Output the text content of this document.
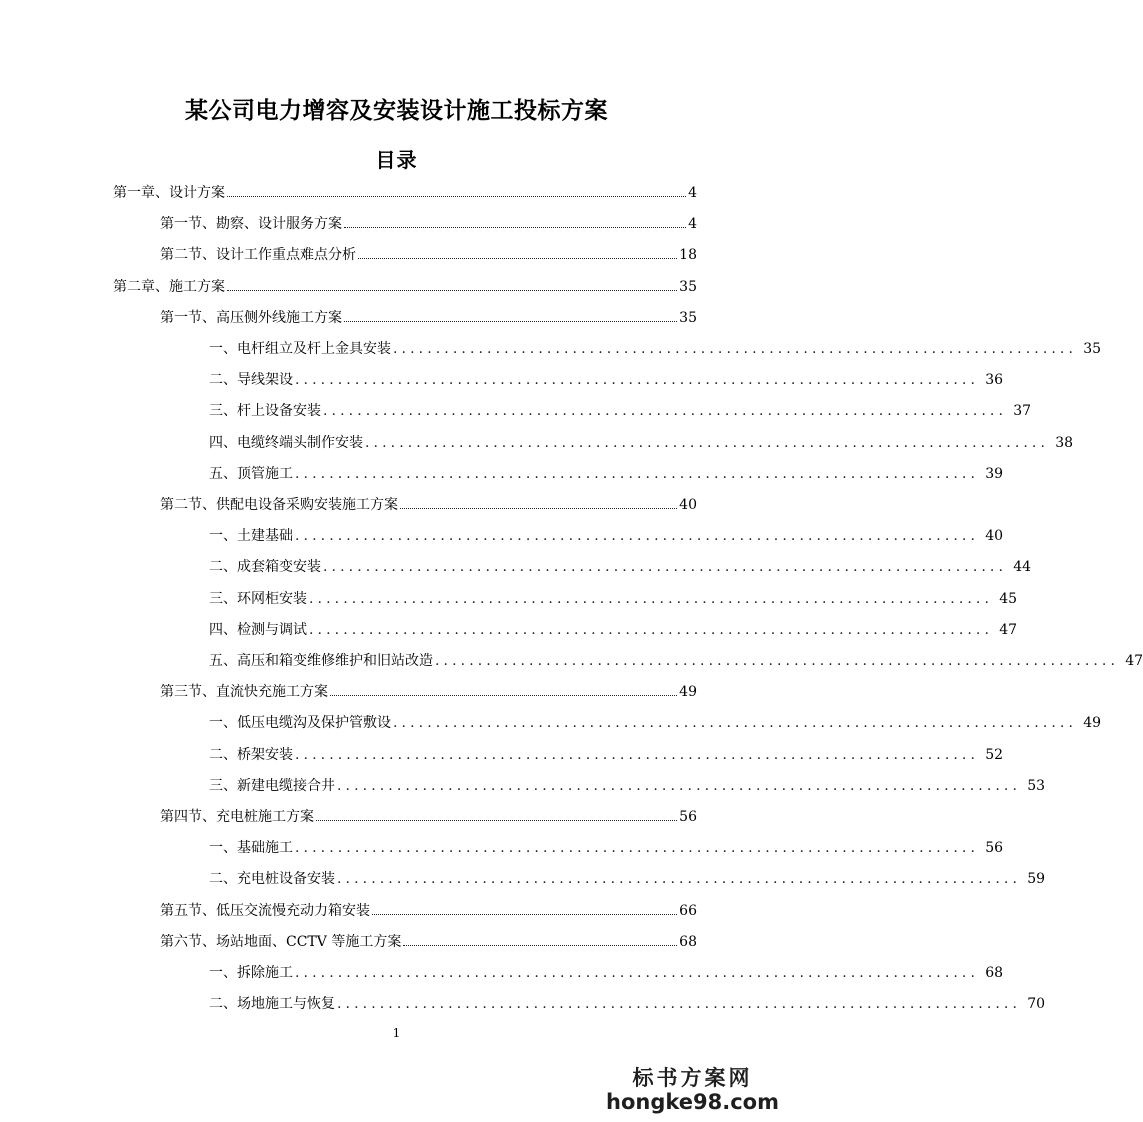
某公司电力增容及安装设计施工投标方案
目录
第一章、设计方案	4
第一节、勘察、设计服务方案	4
第二节、设计工作重点难点分析	18
第二章、施工方案	35
第一节、高压侧外线施工方案	35
一、电杆组立及杆上金具安装 ................................................................................ 35
二、导线架设 ................................................................................ 36
三、杆上设备安装 ................................................................................ 37
四、电缆终端头制作安装 ................................................................................ 38
五、顶管施工 ................................................................................ 39
第二节、供配电设备采购安装施工方案	40
一、土建基础 ................................................................................ 40
二、成套箱变安装 ................................................................................ 44
三、环网柜安装 ................................................................................ 45
四、检测与调试 ................................................................................ 47
五、高压和箱变维修维护和旧站改造 ................................................................................ 47
第三节、直流快充施工方案	49
一、低压电缆沟及保护管敷设 ................................................................................ 49
二、桥架安装 ................................................................................ 52
三、新建电缆接合井 ................................................................................ 53
第四节、充电桩施工方案	56
一、基础施工 ................................................................................ 56
二、充电桩设备安装 ................................................................................ 59
第五节、低压交流慢充动力箱安装	66
第六节、场站地面、CCTV 等施工方案	68
一、拆除施工 ................................................................................ 68
二、场地施工与恢复 ................................................................................ 70
1
标书方案网
hongke98.com
